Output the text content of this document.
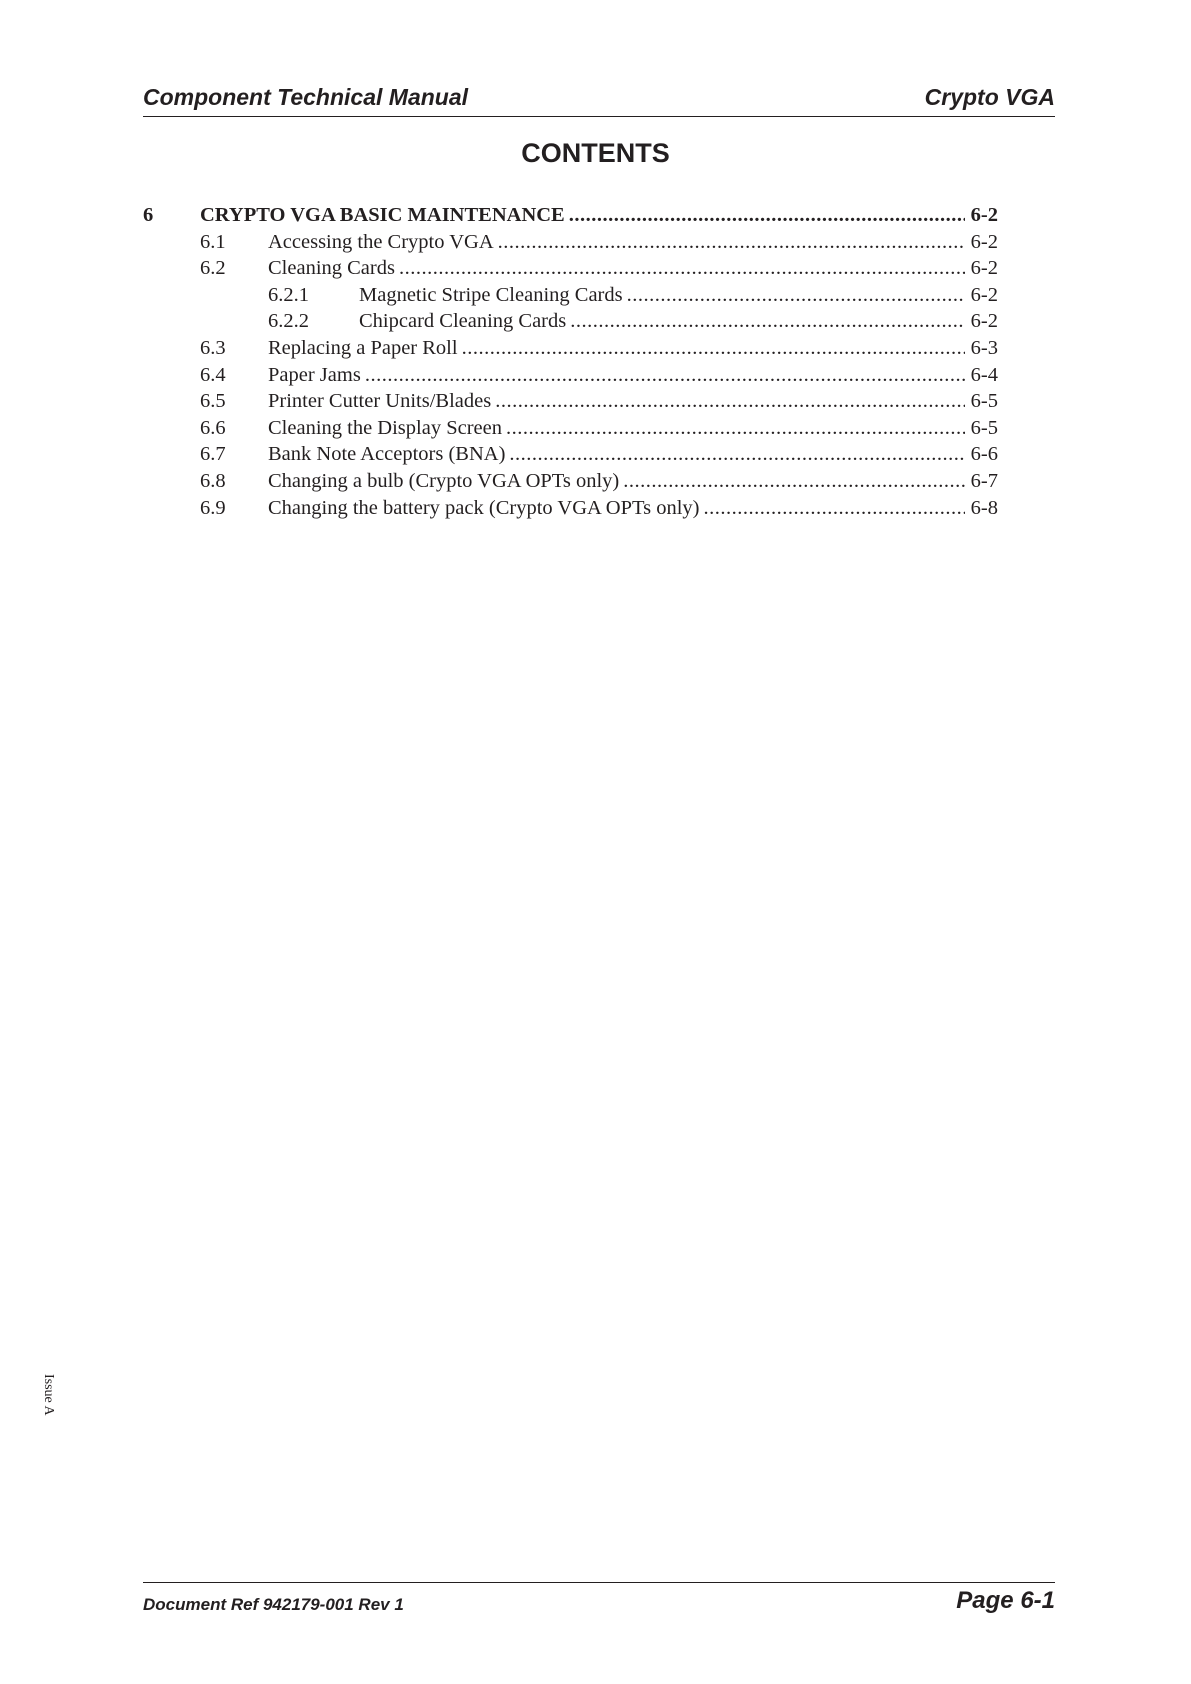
Component Technical Manual	Crypto VGA
CONTENTS
6 CRYPTO VGA BASIC MAINTENANCE .....	6-2
6.1 Accessing the Crypto VGA .....	6-2
6.2 Cleaning Cards .....	6-2
6.2.1 Magnetic Stripe Cleaning Cards .....	6-2
6.2.2 Chipcard Cleaning Cards .....	6-2
6.3 Replacing a Paper Roll .....	6-3
6.4 Paper Jams .....	6-4
6.5 Printer Cutter Units/Blades .....	6-5
6.6 Cleaning the Display Screen .....	6-5
6.7 Bank Note Acceptors (BNA) .....	6-6
6.8 Changing a bulb (Crypto VGA OPTs only) .....	6-7
6.9 Changing the battery pack (Crypto VGA OPTs only) .....	6-8
Issue A
Document Ref 942179-001 Rev 1	Page 6-1
